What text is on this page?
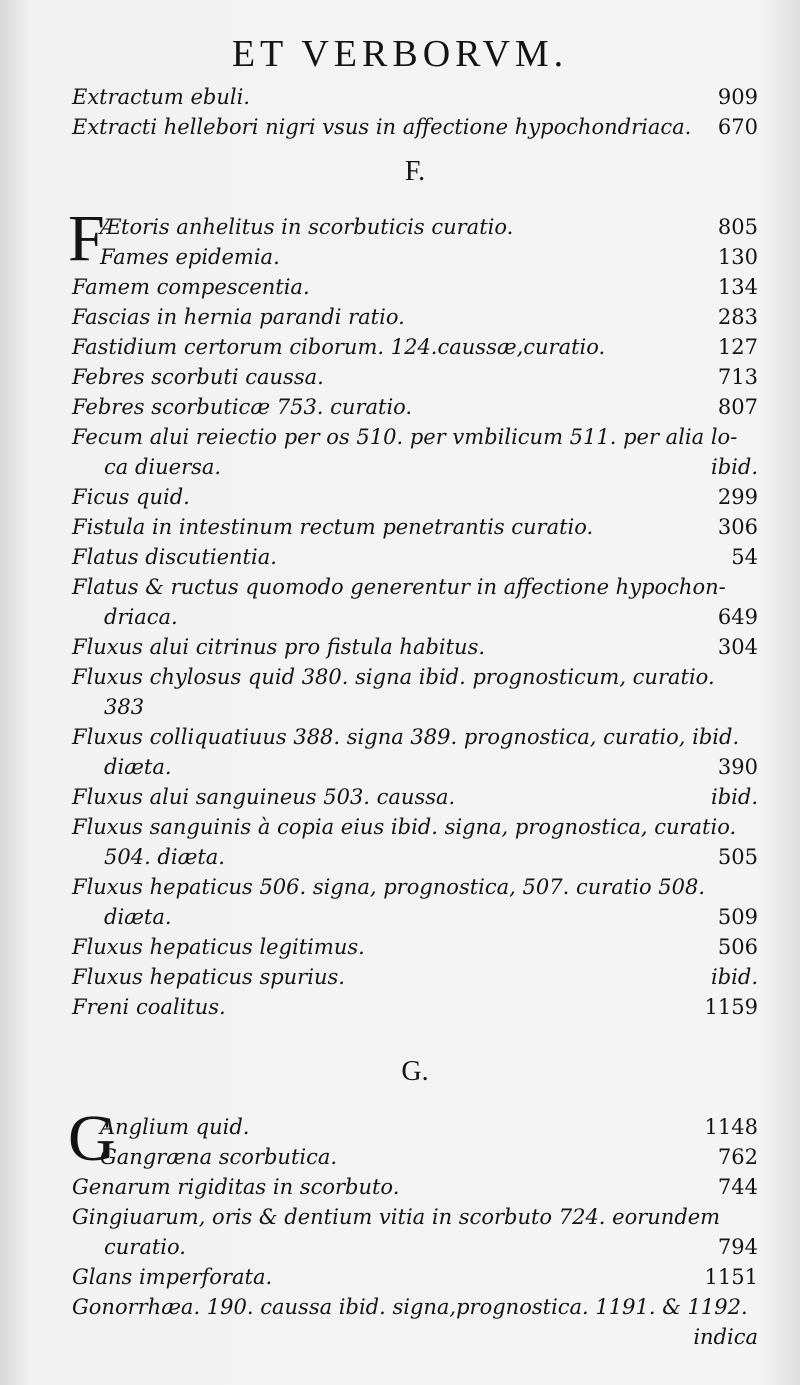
ET VERBORVM.
Extractum ebuli.	909
Extracti hellebori nigri vsus in affectione hypochondriaca. 670
F.
F
Ætoris anhelitus in scorbuticis curatio.	805
Fames epidemia.	130
Famem compescentia.	134
Fascias in hernia parandi ratio.	283
Fastidium certorum ciborum. 124.caussæ,curatio.	127
Febres scorbuti caussa.	713
Febres scorbuticæ 753. curatio.	807
Fecum alui reiectio per os 510. per vmbilicum 511. per alia lo-
ca diuersa.	ibid.
Ficus quid.	299
Fistula in intestinum rectum penetrantis curatio.	306
Flatus discutientia.	54
Flatus & ructus quomodo generentur in affectione hypochon-
driaca.	649
Fluxus alui citrinus pro fistula habitus.	304
Fluxus chylosus quid 380. signa ibid. prognosticum, curatio.
383
Fluxus colliquatiuus 388. signa 389. prognostica, curatio, ibid.
diæta.	390
Fluxus alui sanguineus 503. caussa.	ibid.
Fluxus sanguinis à copia eius ibid. signa, prognostica, curatio.
504. diæta.	505
Fluxus hepaticus 506. signa, prognostica, 507. curatio 508.
diæta.	509
Fluxus hepaticus legitimus.	506
Fluxus hepaticus spurius.	ibid.
Freni coalitus.	1159
G.
G
Anglium quid.	1148
Gangræna scorbutica.	762
Genarum rigiditas in scorbuto.	744
Gingiuarum, oris & dentium vitia in scorbuto 724. eorundem
curatio.	794
Glans imperforata.	1151
Gonorrhæa. 190. caussa ibid. signa,prognostica. 1191. & 1192.
indica
